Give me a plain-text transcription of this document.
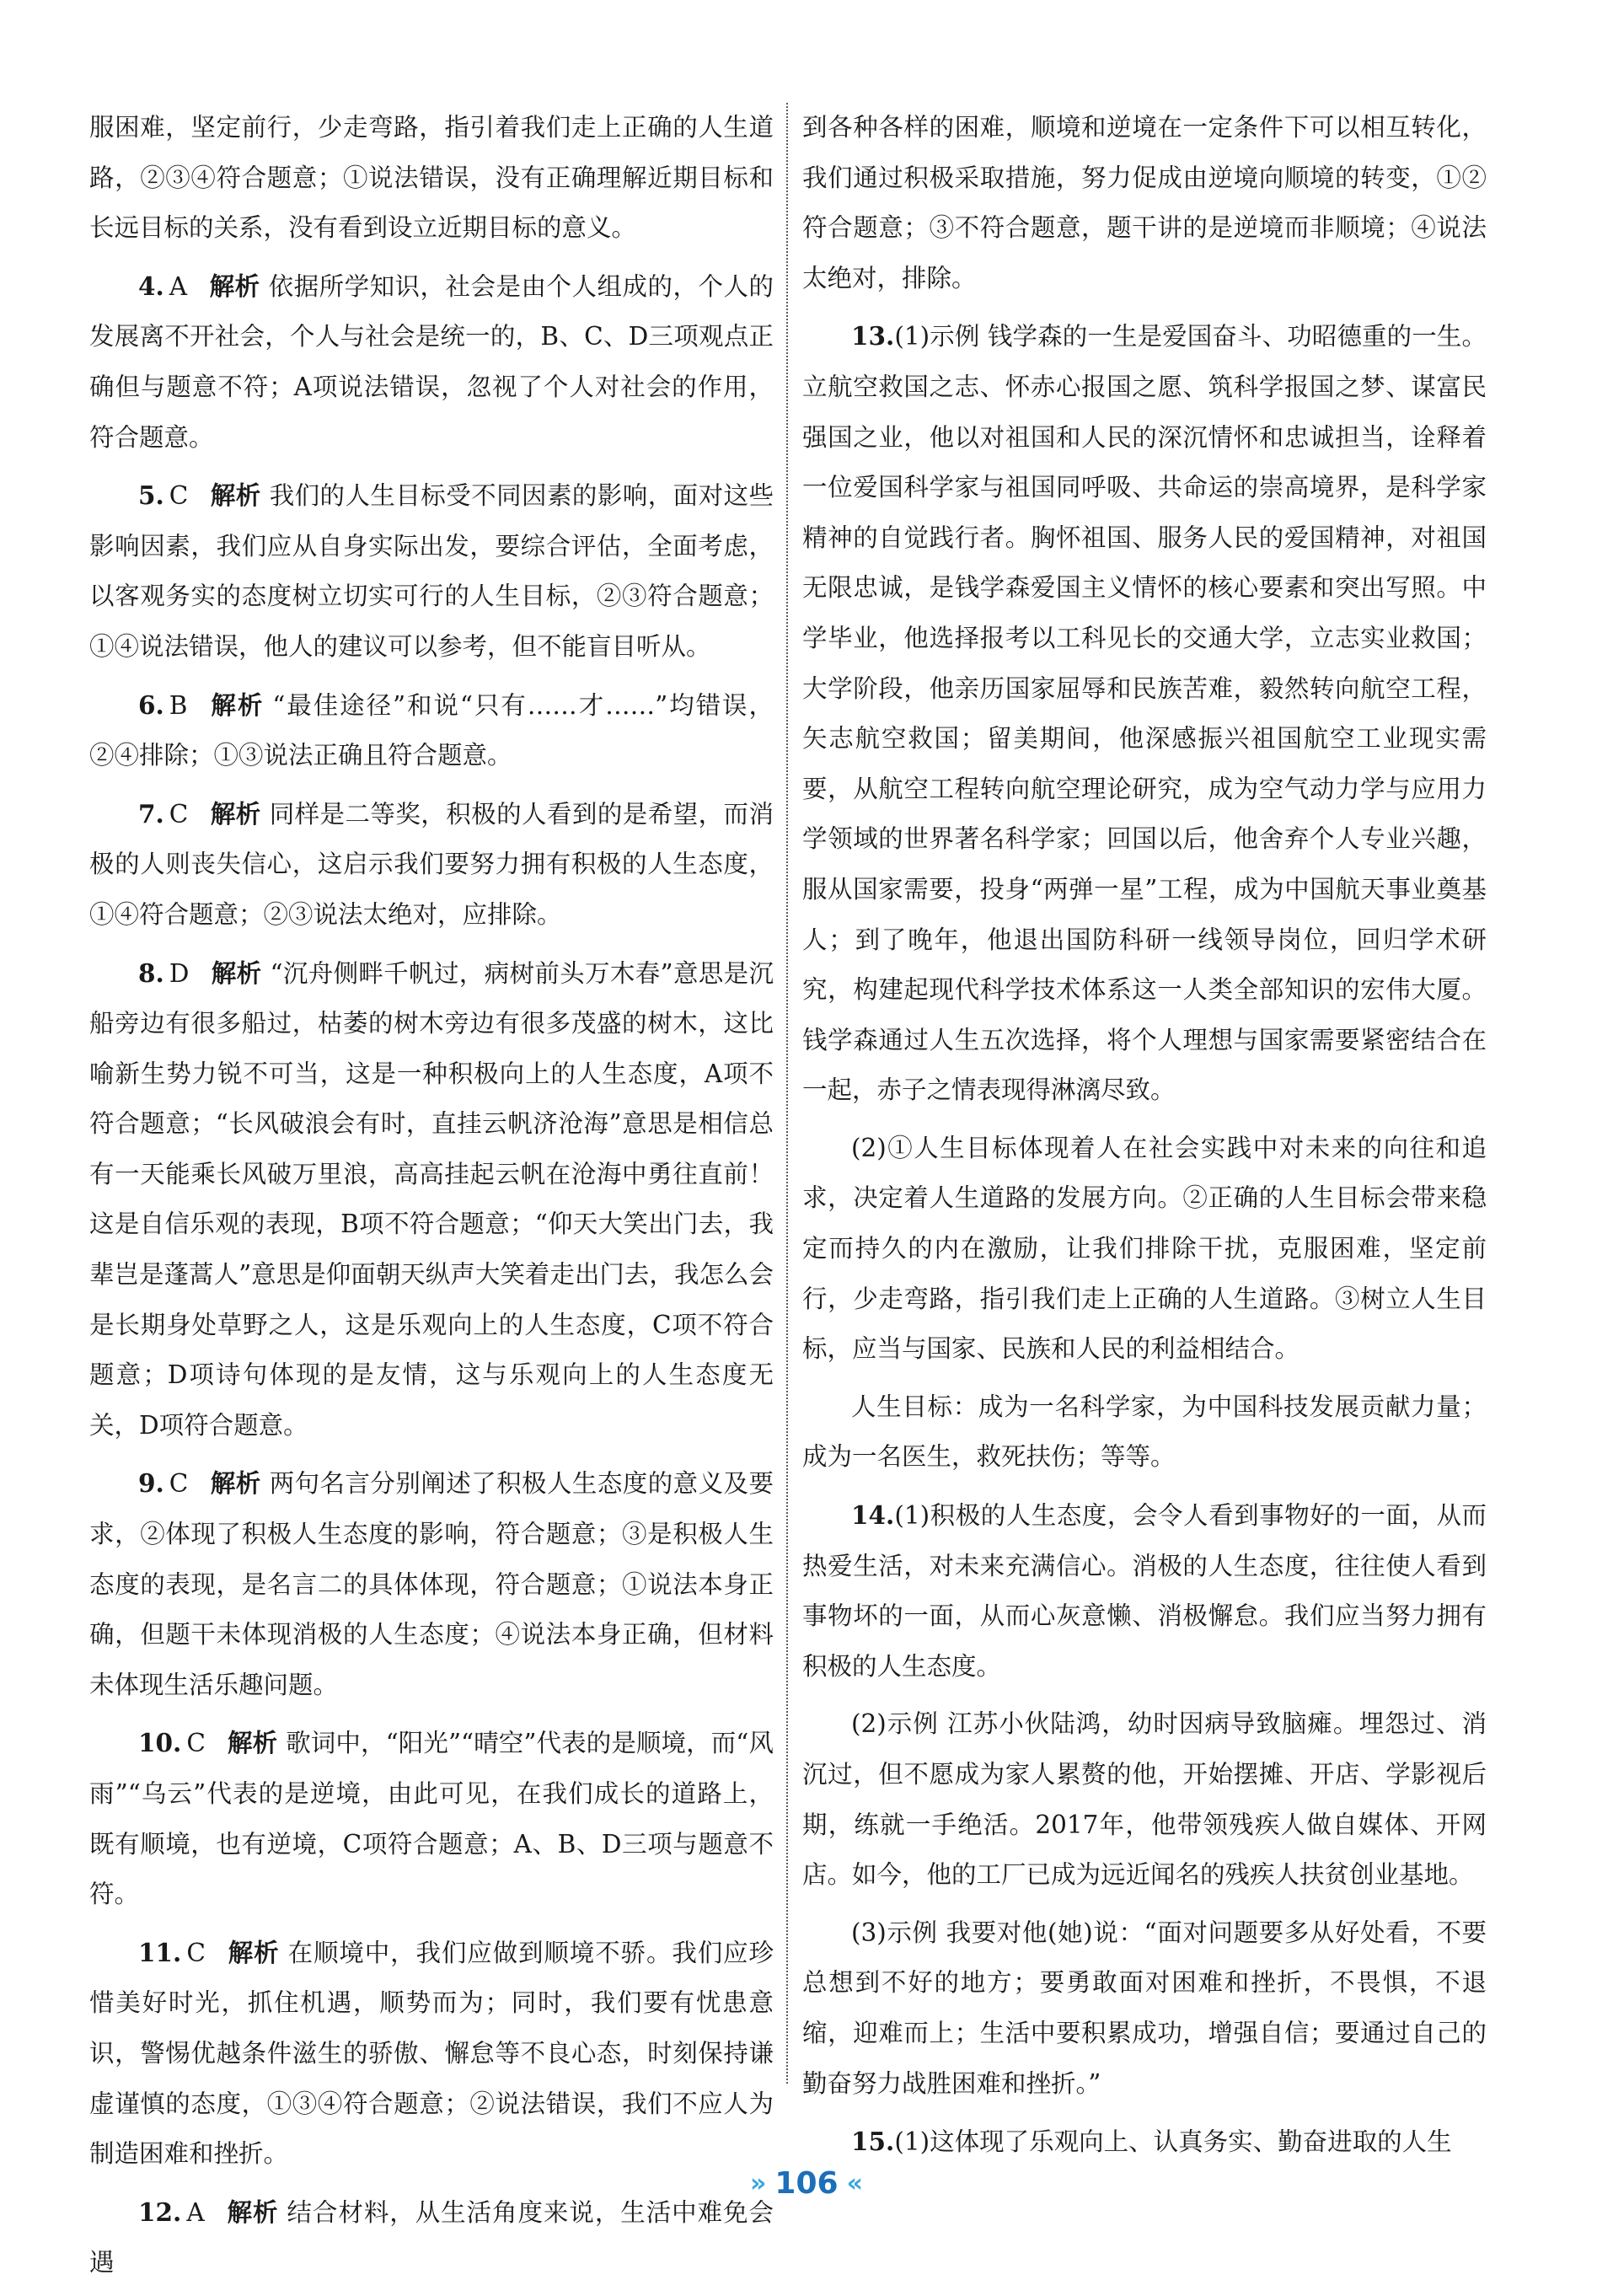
服困难，坚定前行，少走弯路，指引着我们走上正确的人生道路，②③④符合题意；①说法错误，没有正确理解近期目标和长远目标的关系，没有看到设立近期目标的意义。

4. A 解析 依据所学知识，社会是由个人组成的，个人的发展离不开社会，个人与社会是统一的，B、C、D三项观点正确但与题意不符；A项说法错误，忽视了个人对社会的作用，符合题意。

5. C 解析 我们的人生目标受不同因素的影响，面对这些影响因素，我们应从自身实际出发，要综合评估，全面考虑，以客观务实的态度树立切实可行的人生目标，②③符合题意；①④说法错误，他人的建议可以参考，但不能盲目听从。

6. B 解析 “最佳途径”和说“只有……才……”均错误，②④排除；①③说法正确且符合题意。

7. C 解析 同样是二等奖，积极的人看到的是希望，而消极的人则丧失信心，这启示我们要努力拥有积极的人生态度，①④符合题意；②③说法太绝对，应排除。

8. D 解析 “沉舟侧畔千帆过，病树前头万木春”意思是沉船旁边有很多船过，枯萎的树木旁边有很多茂盛的树木，这比喻新生势力锐不可当，这是一种积极向上的人生态度，A项不符合题意；“长风破浪会有时，直挂云帆济沧海”意思是相信总有一天能乘长风破万里浪，高高挂起云帆在沧海中勇往直前！这是自信乐观的表现，B项不符合题意；“仰天大笑出门去，我辈岂是蓬蒿人”意思是仰面朝天纵声大笑着走出门去，我怎么会是长期身处草野之人，这是乐观向上的人生态度，C项不符合题意；D项诗句体现的是友情，这与乐观向上的人生态度无关，D项符合题意。

9. C 解析 两句名言分别阐述了积极人生态度的意义及要求，②体现了积极人生态度的影响，符合题意；③是积极人生态度的表现，是名言二的具体体现，符合题意；①说法本身正确，但题干未体现消极的人生态度；④说法本身正确，但材料未体现生活乐趣问题。

10. C 解析 歌词中，“阳光”“晴空”代表的是顺境，而“风雨”“乌云”代表的是逆境，由此可见，在我们成长的道路上，既有顺境，也有逆境，C项符合题意；A、B、D三项与题意不符。

11. C 解析 在顺境中，我们应做到顺境不骄。我们应珍惜美好时光，抓住机遇，顺势而为；同时，我们要有忧患意识，警惕优越条件滋生的骄傲、懈怠等不良心态，时刻保持谦虚谨慎的态度，①③④符合题意；②说法错误，我们不应人为制造困难和挫折。

12. A 解析 结合材料，从生活角度来说，生活中难免会遇

到各种各样的困难，顺境和逆境在一定条件下可以相互转化，我们通过积极采取措施，努力促成由逆境向顺境的转变，①②符合题意；③不符合题意，题干讲的是逆境而非顺境；④说法太绝对，排除。

13.(1)示例 钱学森的一生是爱国奋斗、功昭德重的一生。立航空救国之志、怀赤心报国之愿、筑科学报国之梦、谋富民强国之业，他以对祖国和人民的深沉情怀和忠诚担当，诠释着一位爱国科学家与祖国同呼吸、共命运的崇高境界，是科学家精神的自觉践行者。胸怀祖国、服务人民的爱国精神，对祖国无限忠诚，是钱学森爱国主义情怀的核心要素和突出写照。中学毕业，他选择报考以工科见长的交通大学，立志实业救国；大学阶段，他亲历国家屈辱和民族苦难，毅然转向航空工程，矢志航空救国；留美期间，他深感振兴祖国航空工业现实需要，从航空工程转向航空理论研究，成为空气动力学与应用力学领域的世界著名科学家；回国以后，他舍弃个人专业兴趣，服从国家需要，投身“两弹一星”工程，成为中国航天事业奠基人；到了晚年，他退出国防科研一线领导岗位，回归学术研究，构建起现代科学技术体系这一人类全部知识的宏伟大厦。钱学森通过人生五次选择，将个人理想与国家需要紧密结合在一起，赤子之情表现得淋漓尽致。

(2)①人生目标体现着人在社会实践中对未来的向往和追求，决定着人生道路的发展方向。②正确的人生目标会带来稳定而持久的内在激励，让我们排除干扰，克服困难，坚定前行，少走弯路，指引我们走上正确的人生道路。③树立人生目标，应当与国家、民族和人民的利益相结合。

人生目标：成为一名科学家，为中国科技发展贡献力量；成为一名医生，救死扶伤；等等。

14.(1)积极的人生态度，会令人看到事物好的一面，从而热爱生活，对未来充满信心。消极的人生态度，往往使人看到事物坏的一面，从而心灰意懒、消极懈怠。我们应当努力拥有积极的人生态度。

(2)示例 江苏小伙陆鸿，幼时因病导致脑瘫。埋怨过、消沉过，但不愿成为家人累赘的他，开始摆摊、开店、学影视后期，练就一手绝活。2017年，他带领残疾人做自媒体、开网店。如今，他的工厂已成为远近闻名的残疾人扶贫创业基地。

(3)示例 我要对他(她)说：“面对问题要多从好处看，不要总想到不好的地方；要勇敢面对困难和挫折，不畏惧，不退缩，迎难而上；生活中要积累成功，增强自信；要通过自己的勤奋努力战胜困难和挫折。”

15.(1)这体现了乐观向上、认真务实、勤奋进取的人生

» 106 «
